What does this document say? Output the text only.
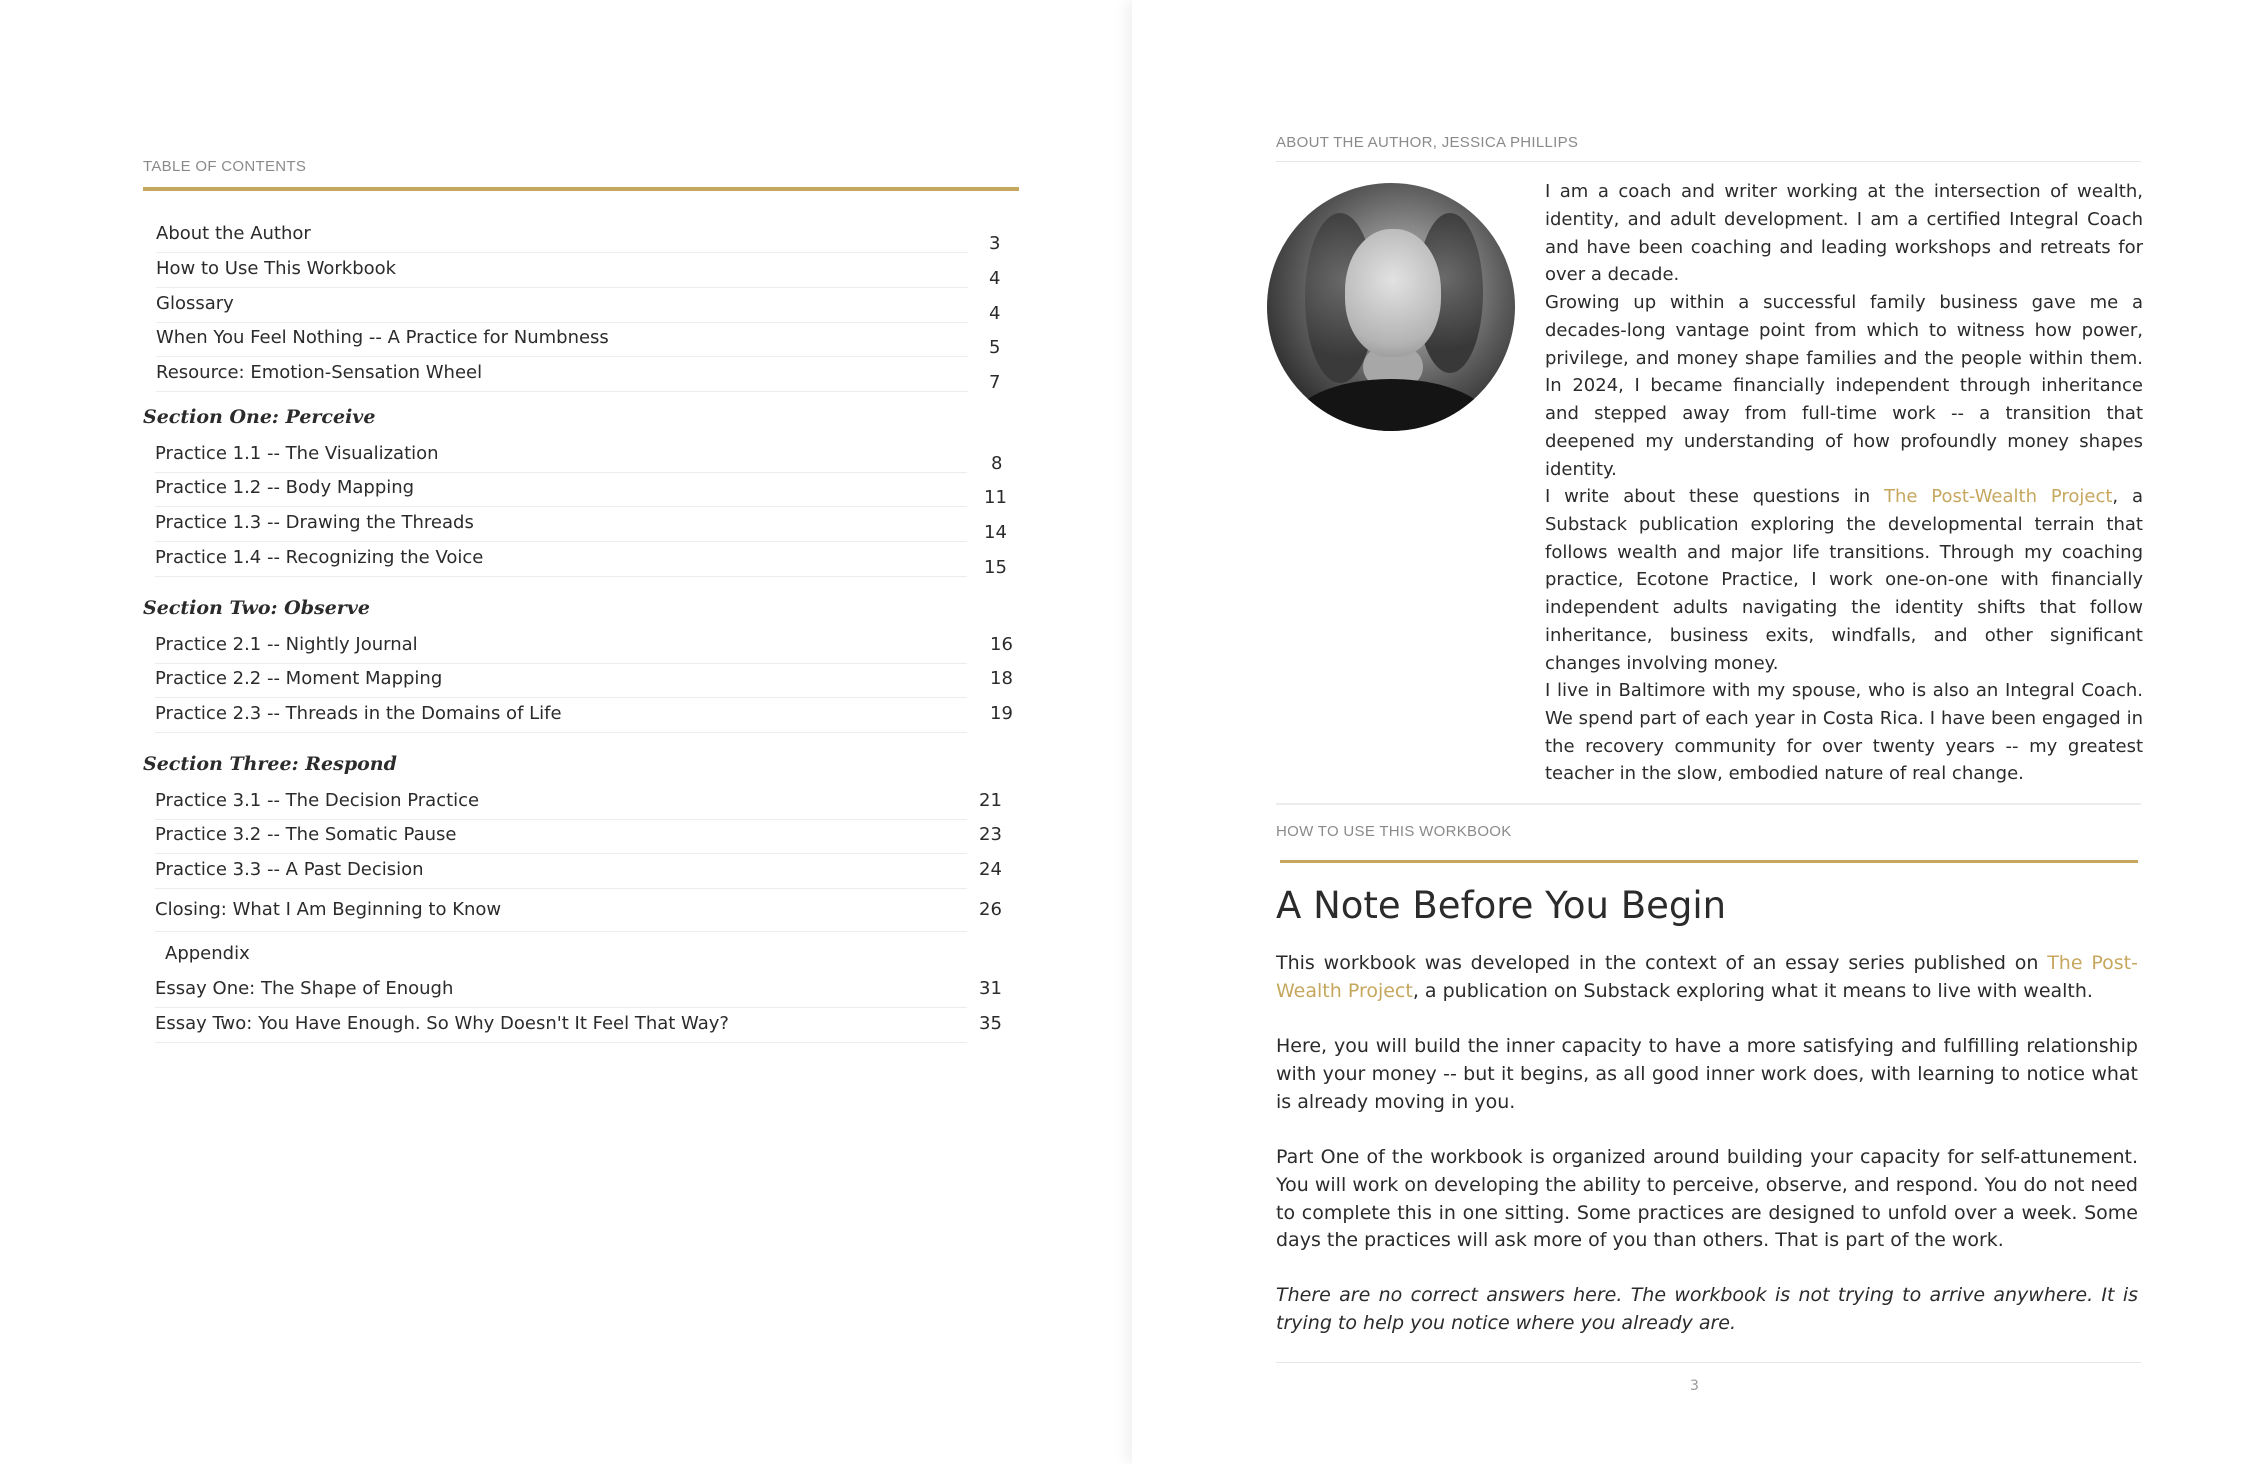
TABLE OF CONTENTS
About the Author	3
How to Use This Workbook	4
Glossary	4
When You Feel Nothing -- A Practice for Numbness	5
Resource: Emotion-Sensation Wheel	7
Section One: Perceive
Practice 1.1 -- The Visualization	8
Practice 1.2 -- Body Mapping	11
Practice 1.3 -- Drawing the Threads	14
Practice 1.4 -- Recognizing the Voice	15
Section Two: Observe
Practice 2.1 -- Nightly Journal	16
Practice 2.2 -- Moment Mapping	18
Practice 2.3 -- Threads in the Domains of Life	19
Section Three: Respond
Practice 3.1 -- The Decision Practice	21
Practice 3.2 -- The Somatic Pause	23
Practice 3.3 -- A Past Decision	24
Closing: What I Am Beginning to Know	26
Appendix
Essay One: The Shape of Enough	31
Essay Two: You Have Enough. So Why Doesn't It Feel That Way?	35
ABOUT THE AUTHOR, JESSICA PHILLIPS

I am a coach and writer working at the intersection of wealth, identity, and adult development. I am a certified Integral Coach and have been coaching and leading workshops and retreats for over a decade.

Growing up within a successful family business gave me a decades-long vantage point from which to witness how power, privilege, and money shape families and the people within them. In 2024, I became financially independent through inheritance and stepped away from full-time work -- a transition that deepened my understanding of how profoundly money shapes identity.

I write about these questions in The Post-Wealth Project, a Substack publication exploring the developmental terrain that follows wealth and major life transitions. Through my coaching practice, Ecotone Practice, I work one-on-one with financially independent adults navigating the identity shifts that follow inheritance, business exits, windfalls, and other significant changes involving money.

I live in Baltimore with my spouse, who is also an Integral Coach. We spend part of each year in Costa Rica. I have been engaged in the recovery community for over twenty years -- my greatest teacher in the slow, embodied nature of real change.

HOW TO USE THIS WORKBOOK
A Note Before You Begin

This workbook was developed in the context of an essay series published on The Post-Wealth Project, a publication on Substack exploring what it means to live with wealth.

Here, you will build the inner capacity to have a more satisfying and fulfilling relationship with your money -- but it begins, as all good inner work does, with learning to notice what is already moving in you.

Part One of the workbook is organized around building your capacity for self-attunement. You will work on developing the ability to perceive, observe, and respond. You do not need to complete this in one sitting. Some practices are designed to unfold over a week. Some days the practices will ask more of you than others. That is part of the work.

There are no correct answers here. The workbook is not trying to arrive anywhere. It is trying to help you notice where you already are.

3
